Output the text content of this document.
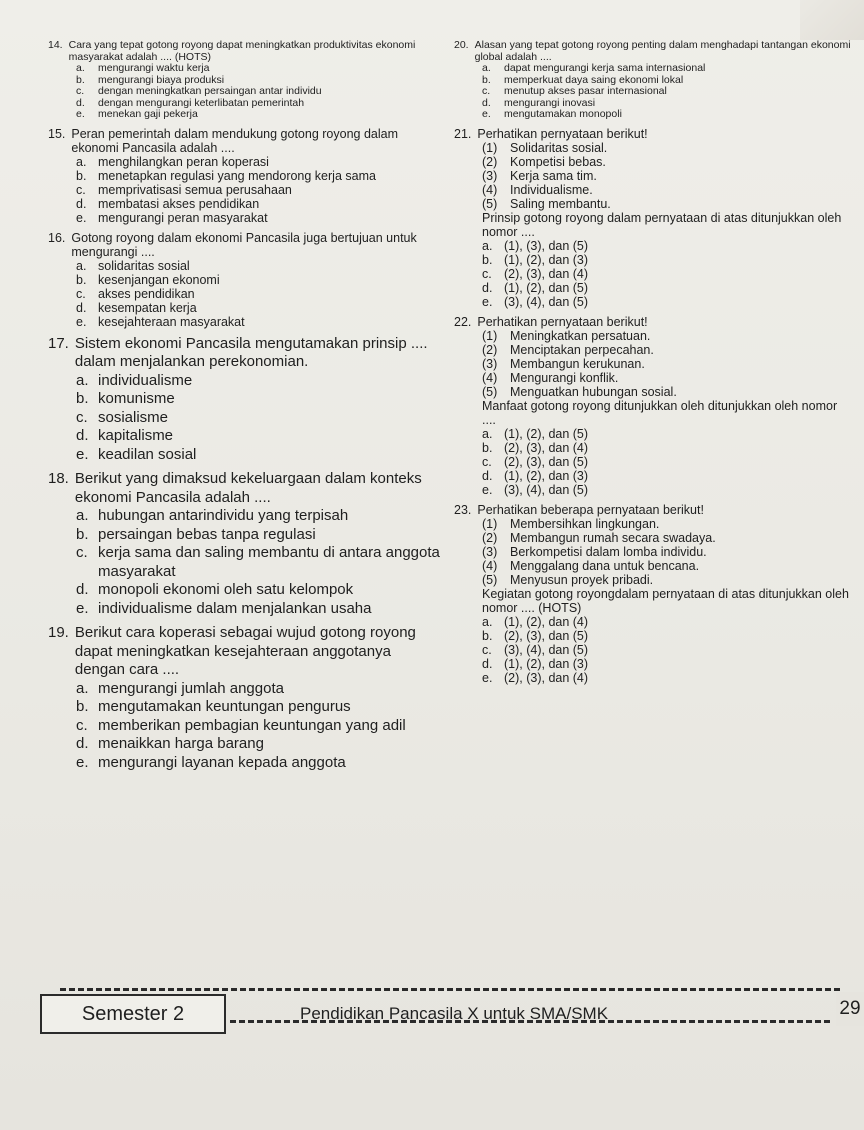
14. Cara yang tepat gotong royong dapat meningkatkan produktivitas ekonomi masyarakat adalah .... (HOTS)
a.	mengurangi waktu kerja
b.	mengurangi biaya produksi
c.	dengan meningkatkan persaingan antar individu
d.	dengan mengurangi keterlibatan pemerintah
e.	menekan gaji pekerja
15. Peran pemerintah dalam mendukung gotong royong dalam ekonomi Pancasila adalah ....
a. menghilangkan peran koperasi
b. menetapkan regulasi yang mendorong kerja sama
c. memprivatisasi semua perusahaan
d. membatasi akses pendidikan
e. mengurangi peran masyarakat
16. Gotong royong dalam ekonomi Pancasila juga bertujuan untuk mengurangi ....
a. solidaritas sosial
b. kesenjangan ekonomi
c. akses pendidikan
d. kesempatan kerja
e. kesejahteraan masyarakat
17. Sistem ekonomi Pancasila mengutamakan prinsip .... dalam menjalankan perekonomian.
a. individualisme
b. komunisme
c. sosialisme
d. kapitalisme
e. keadilan sosial
18. Berikut yang dimaksud kekeluargaan dalam konteks ekonomi Pancasila adalah ....
a. hubungan antarindividu yang terpisah
b. persaingan bebas tanpa regulasi
c. kerja sama dan saling membantu di antara anggota masyarakat
d. monopoli ekonomi oleh satu kelompok
e. individualisme dalam menjalankan usaha
19. Berikut cara koperasi sebagai wujud gotong royong dapat meningkatkan kesejahteraan anggotanya dengan cara ....
a. mengurangi jumlah anggota
b. mengutamakan keuntungan pengurus
c. memberikan pembagian keuntungan yang adil
d. menaikkan harga barang
e. mengurangi layanan kepada anggota
20. Alasan yang tepat gotong royong penting dalam menghadapi tantangan ekonomi global adalah ....
a.	dapat mengurangi kerja sama internasional
b.	memperkuat daya saing ekonomi lokal
c.	menutup akses pasar internasional
d.	mengurangi inovasi
e.	mengutamakan monopoli
21. Perhatikan pernyataan berikut!
(1)	Solidaritas sosial.
(2)	Kompetisi bebas.
(3)	Kerja sama tim.
(4)	Individualisme.
(5)	Saling membantu.
Prinsip gotong royong dalam pernyataan di atas ditunjukkan oleh nomor ....
a. (1), (3), dan (5)
b. (1), (2), dan (3)
c. (2), (3), dan (4)
d. (1), (2), dan (5)
e. (3), (4), dan (5)
22. Perhatikan pernyataan berikut!
(1)	Meningkatkan persatuan.
(2)	Menciptakan perpecahan.
(3)	Membangun kerukunan.
(4)	Mengurangi konflik.
(5)	Menguatkan hubungan sosial.
Manfaat gotong royong ditunjukkan oleh ditunjukkan oleh nomor ....
a. (1), (2), dan (5)
b. (2), (3), dan (4)
c. (2), (3), dan (5)
d. (1), (2), dan (3)
e. (3), (4), dan (5)
23. Perhatikan beberapa pernyataan berikut!
(1)	Membersihkan lingkungan.
(2)	Membangun rumah secara swadaya.
(3)	Berkompetisi dalam lomba individu.
(4)	Menggalang dana untuk bencana.
(5)	Menyusun proyek pribadi.
Kegiatan gotong royongdalam pernyataan di atas ditunjukkan oleh nomor .... (HOTS)
a. (1), (2), dan (4)
b. (2), (3), dan (5)
c. (3), (4), dan (5)
d. (1), (2), dan (3)
e. (2), (3), dan (4)
Semester 2	Pendidikan Pancasila X untuk SMA/SMK	29
